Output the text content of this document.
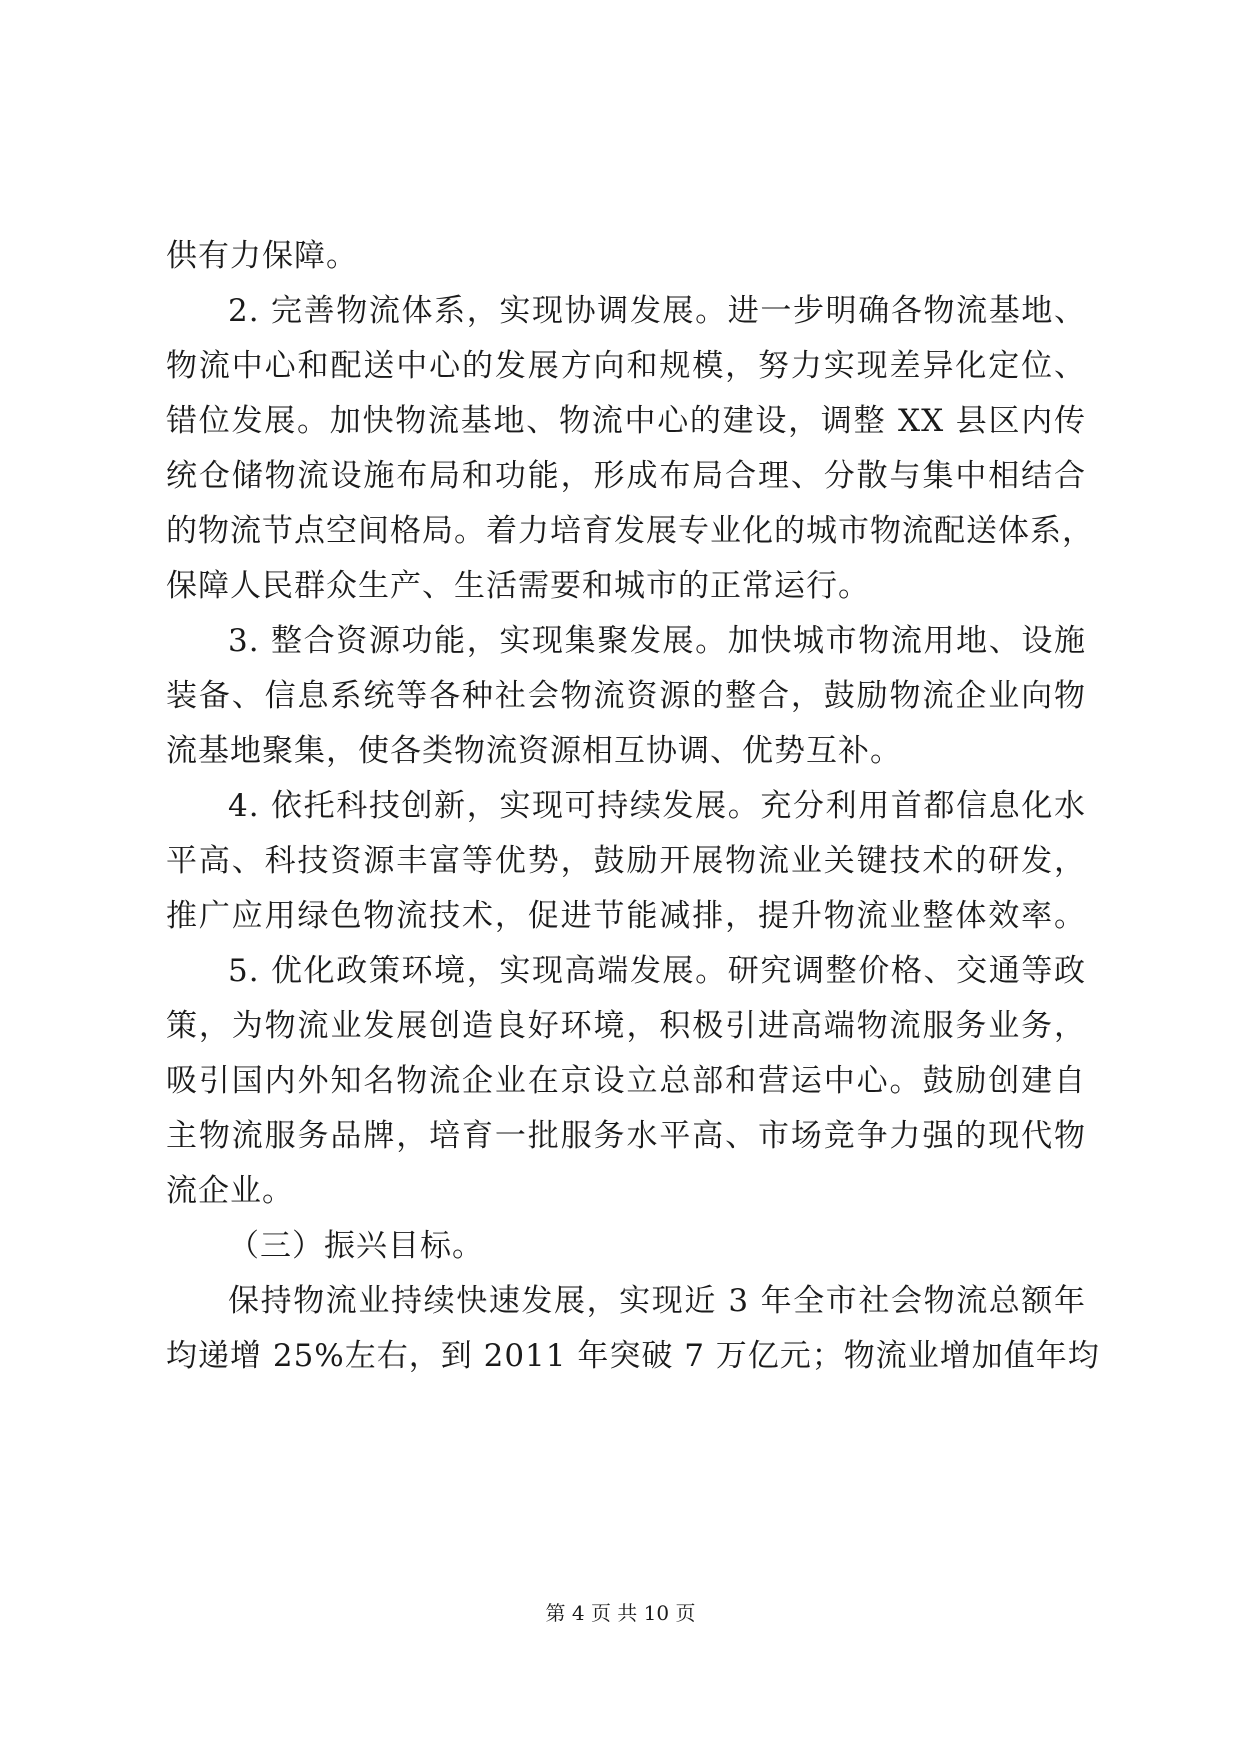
供有力保障。
2. 完善物流体系，实现协调发展。进一步明确各物流基地、
物流中心和配送中心的发展方向和规模，努力实现差异化定位、
错位发展。加快物流基地、物流中心的建设，调整 XX 县区内传
统仓储物流设施布局和功能，形成布局合理、分散与集中相结合
的物流节点空间格局。着力培育发展专业化的城市物流配送体系，
保障人民群众生产、生活需要和城市的正常运行。
3. 整合资源功能，实现集聚发展。加快城市物流用地、设施
装备、信息系统等各种社会物流资源的整合，鼓励物流企业向物
流基地聚集，使各类物流资源相互协调、优势互补。
4. 依托科技创新，实现可持续发展。充分利用首都信息化水
平高、科技资源丰富等优势，鼓励开展物流业关键技术的研发，
推广应用绿色物流技术，促进节能减排，提升物流业整体效率。
5. 优化政策环境，实现高端发展。研究调整价格、交通等政
策，为物流业发展创造良好环境，积极引进高端物流服务业务，
吸引国内外知名物流企业在京设立总部和营运中心。鼓励创建自
主物流服务品牌，培育一批服务水平高、市场竞争力强的现代物
流企业。
（三）振兴目标。
保持物流业持续快速发展，实现近 3 年全市社会物流总额年
均递增 25%左右，到 2011 年突破 7 万亿元；物流业增加值年均
第 4 页 共 10 页
